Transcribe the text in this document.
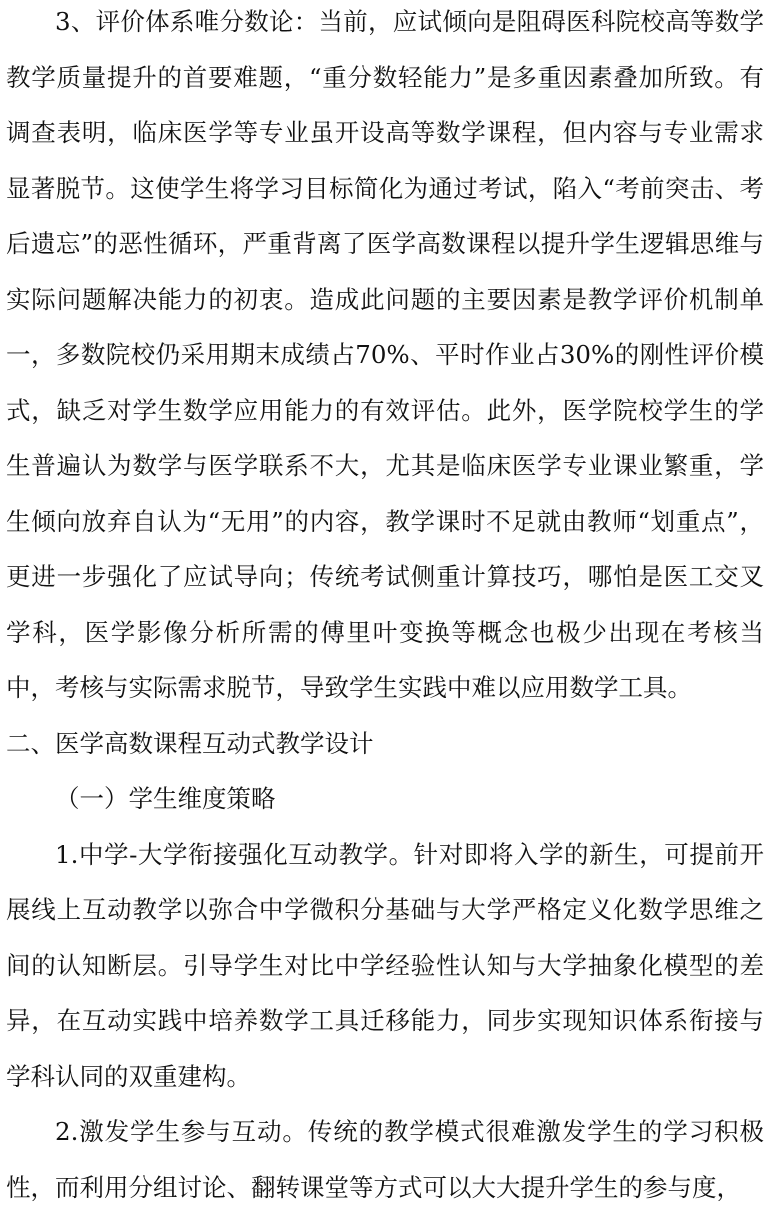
3、评价体系唯分数论：当前，应试倾向是阻碍医科院校高等数学教学质量提升的首要难题，“重分数轻能力”是多重因素叠加所致。有调查表明，临床医学等专业虽开设高等数学课程，但内容与专业需求显著脱节。这使学生将学习目标简化为通过考试，陷入“考前突击、考后遗忘”的恶性循环，严重背离了医学高数课程以提升学生逻辑思维与实际问题解决能力的初衷。造成此问题的主要因素是教学评价机制单一，多数院校仍采用期末成绩占70%、平时作业占30%的刚性评价模式，缺乏对学生数学应用能力的有效评估。此外，医学院校学生的学生普遍认为数学与医学联系不大，尤其是临床医学专业课业繁重，学生倾向放弃自认为“无用”的内容，教学课时不足就由教师“划重点”，更进一步强化了应试导向；传统考试侧重计算技巧，哪怕是医工交叉学科，医学影像分析所需的傅里叶变换等概念也极少出现在考核当中，考核与实际需求脱节，导致学生实践中难以应用数学工具。

二、医学高数课程互动式教学设计

（一）学生维度策略

1.中学-大学衔接强化互动教学。针对即将入学的新生，可提前开展线上互动教学以弥合中学微积分基础与大学严格定义化数学思维之间的认知断层。引导学生对比中学经验性认知与大学抽象化模型的差异，在互动实践中培养数学工具迁移能力，同步实现知识体系衔接与学科认同的双重建构。

2.激发学生参与互动。传统的教学模式很难激发学生的学习积极性，而利用分组讨论、翻转课堂等方式可以大大提升学生的参与度，
